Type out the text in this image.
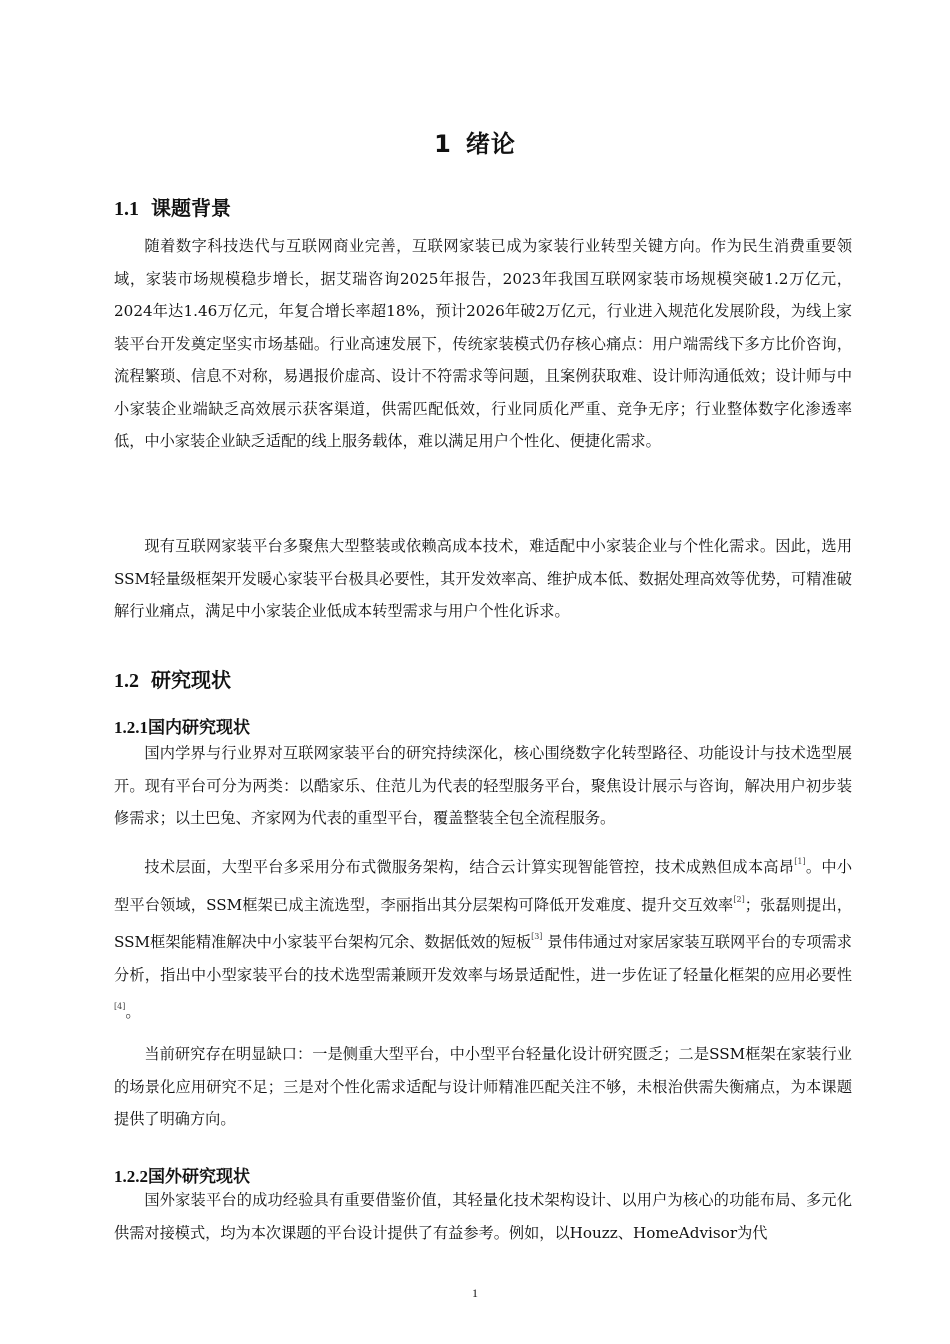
1 绪论
1.1 课题背景

随着数字科技迭代与互联网商业完善，互联网家装已成为家装行业转型关键方向。作为民生消费重要领域，家装市场规模稳步增长，据艾瑞咨询2025年报告，2023年我国互联网家装市场规模突破1.2万亿元，2024年达1.46万亿元，年复合增长率超18%，预计2026年破2万亿元，行业进入规范化发展阶段，为线上家装平台开发奠定坚实市场基础。行业高速发展下，传统家装模式仍存核心痛点：用户端需线下多方比价咨询，流程繁琐、信息不对称，易遇报价虚高、设计不符需求等问题，且案例获取难、设计师沟通低效；设计师与中小家装企业端缺乏高效展示获客渠道，供需匹配低效，行业同质化严重、竞争无序；行业整体数字化渗透率低，中小家装企业缺乏适配的线上服务载体，难以满足用户个性化、便捷化需求。

现有互联网家装平台多聚焦大型整装或依赖高成本技术，难适配中小家装企业与个性化需求。因此，选用SSM轻量级框架开发暖心家装平台极具必要性，其开发效率高、维护成本低、数据处理高效等优势，可精准破解行业痛点，满足中小家装企业低成本转型需求与用户个性化诉求。

1.2 研究现状
1.2.1国内研究现状

国内学界与行业界对互联网家装平台的研究持续深化，核心围绕数字化转型路径、功能设计与技术选型展开。现有平台可分为两类：以酷家乐、住范儿为代表的轻型服务平台，聚焦设计展示与咨询，解决用户初步装修需求；以土巴兔、齐家网为代表的重型平台，覆盖整装全包全流程服务。

技术层面，大型平台多采用分布式微服务架构，结合云计算实现智能管控，技术成熟但成本高昂[1]。中小型平台领域，SSM框架已成主流选型，李丽指出其分层架构可降低开发难度、提升交互效率[2]；张磊则提出，SSM框架能精准解决中小家装平台架构冗余、数据低效的短板[3] 景伟伟通过对家居家装互联网平台的专项需求分析，指出中小型家装平台的技术选型需兼顾开发效率与场景适配性，进一步佐证了轻量化框架的应用必要性[4]。

当前研究存在明显缺口：一是侧重大型平台，中小型平台轻量化设计研究匮乏；二是SSM框架在家装行业的场景化应用研究不足；三是对个性化需求适配与设计师精准匹配关注不够，未根治供需失衡痛点，为本课题提供了明确方向。

1.2.2国外研究现状

国外家装平台的成功经验具有重要借鉴价值，其轻量化技术架构设计、以用户为核心的功能布局、多元化供需对接模式，均为本次课题的平台设计提供了有益参考。例如，以Houzz、HomeAdvisor为代

1
